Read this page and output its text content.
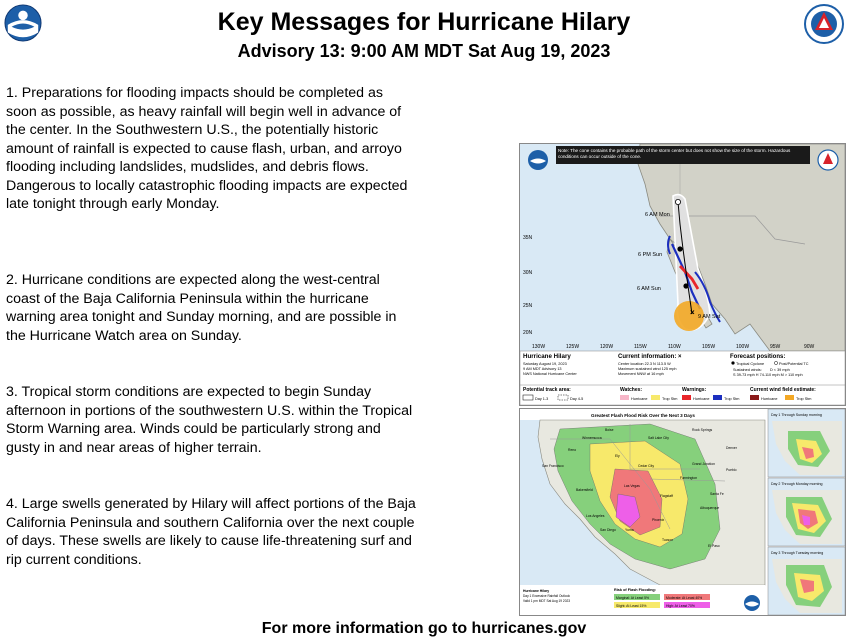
Key Messages for Hurricane Hilary
Advisory 13: 9:00 AM MDT Sat Aug 19, 2023
1. Preparations for flooding impacts should be completed as soon as possible, as heavy rainfall will begin well in advance of the center. In the Southwestern U.S., the potentially historic amount of rainfall is expected to cause flash, urban, and arroyo flooding including landslides, mudslides, and debris flows. Dangerous to locally catastrophic flooding impacts are expected late tonight through early Monday.
2. Hurricane conditions are expected along the west-central coast of the Baja California Peninsula within the hurricane warning area tonight and Sunday morning, and are possible in the Hurricane Watch area on Sunday.
3. Tropical storm conditions are expected to begin Sunday afternoon in portions of the southwestern U.S. within the Tropical Storm Warning area. Winds could be particularly strong and gusty in and near areas of higher terrain.
4. Large swells generated by Hilary will affect portions of the Baja California Peninsula and southern California over the next couple of days. These swells are likely to cause life-threatening surf and rip current conditions.
Note: The cone contains the probable path of the storm center but does not show the size of the storm. Hazardous conditions can occur outside of the cone.
×
6 AM Mon
6 PM Sun
6 AM Sun
9 AM Sat
35N
30N
25N
20N
130W	125W	120W	115W	110W	105W	100W	95W	90W
Hurricane Hilary
Saturday August 19, 2023
9 AM MDT Advisory 13
NWS National Hurricane Center
Current information: ×
Center location 22.3 N 113.5 W
Maximum sustained wind 125 mph
Movement NNW at 16 mph
Forecast positions:
Tropical Cyclone	Post/Potential TC
Sustained winds: D < 39 mph
S 39-73 mph H 74-110 mph M > 110 mph
Potential track area:
Day 1-3	Day 4-5
Watches:
Hurricane	Trop Stm
Warnings:
Hurricane	Trop Stm
Current wind field estimate:
Hurricane	Trop Stm
Greatest Flash Flood Risk Over the Next 3 Days
Boise
Salt Lake City
Rock Springs
Reno
Winnemucca
Ely
Cedar City	Grand Junction
Las Vegas
Flagstaff
Phoenix
Tucson
San Diego
Los Angeles
Yuma
Albuquerque
Santa Fe
El Paso
Pueblo
Denver
Farmington
Bakersfield
San Francisco
Day 1 Through Sunday morning
Day 2 Through Monday morning
Day 3 Through Tuesday morning
Hurricane Hilary
Day 1 Excessive Rainfall Outlook
Valid 1 pm MDT Sat Aug 19 2023
Risk of Flash Flooding:
Marginal: At Least 5%
Slight: At Least 15%
Moderate: At Least 40%
High: At Least 70%
For more information go to hurricanes.gov
